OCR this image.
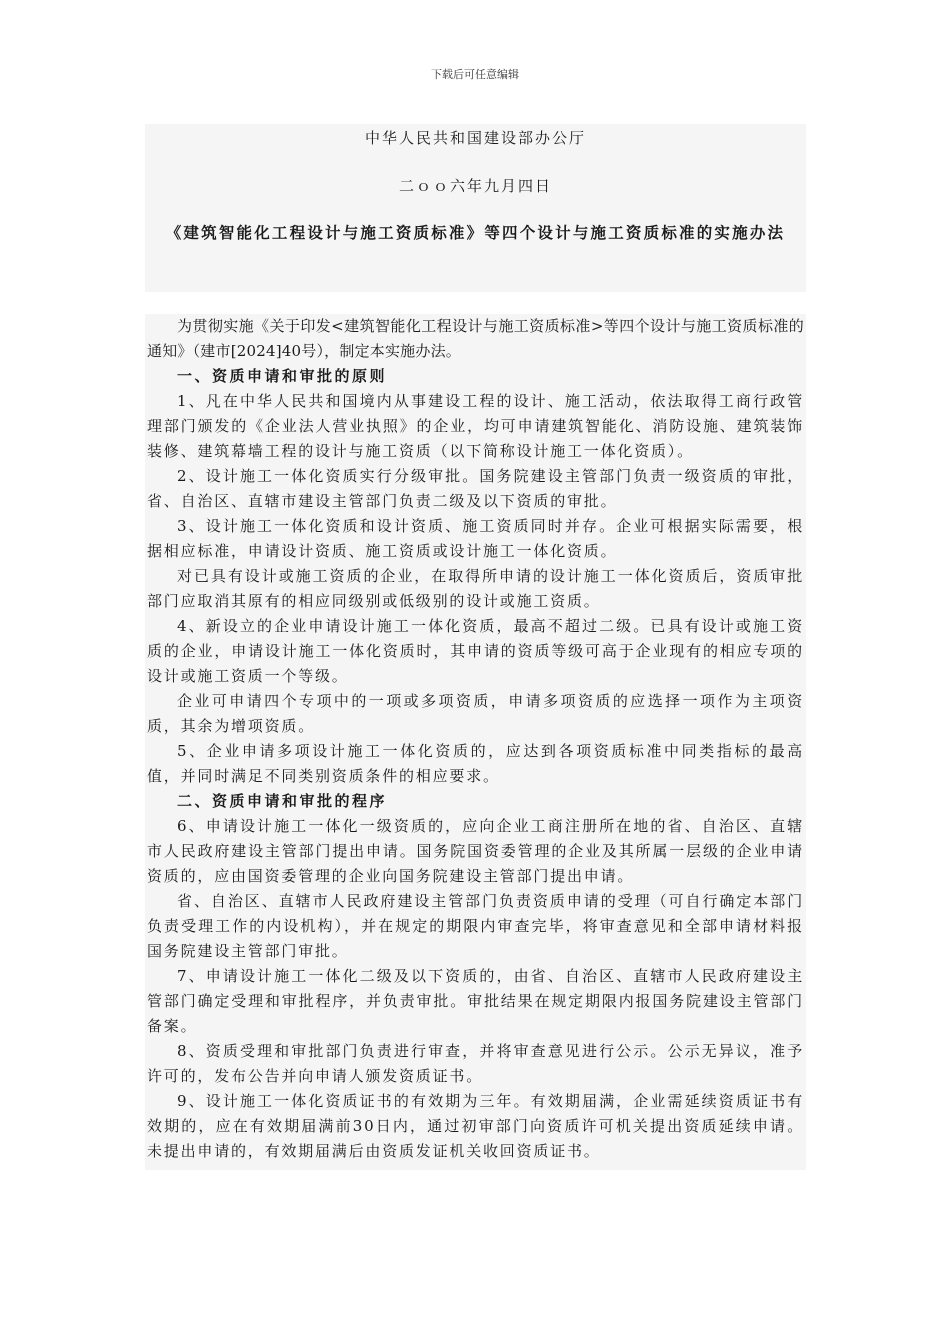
下载后可任意编辑
中华人民共和国建设部办公厅
二ｏｏ六年九月四日
《建筑智能化工程设计与施工资质标准》等四个设计与施工资质标准的实施办法

为贯彻实施《关于印发<建筑智能化工程设计与施工资质标准>等四个设计与施工资质标准的通知》（建市[2024]40号），制定本实施办法。

一、资质申请和审批的原则

1、凡在中华人民共和国境内从事建设工程的设计、施工活动，依法取得工商行政管理部门颁发的《企业法人营业执照》的企业，均可申请建筑智能化、消防设施、建筑装饰装修、建筑幕墙工程的设计与施工资质（以下简称设计施工一体化资质）。

2、设计施工一体化资质实行分级审批。国务院建设主管部门负责一级资质的审批，省、自治区、直辖市建设主管部门负责二级及以下资质的审批。

3、设计施工一体化资质和设计资质、施工资质同时并存。企业可根据实际需要，根据相应标准，申请设计资质、施工资质或设计施工一体化资质。

对已具有设计或施工资质的企业，在取得所申请的设计施工一体化资质后，资质审批部门应取消其原有的相应同级别或低级别的设计或施工资质。

4、新设立的企业申请设计施工一体化资质，最高不超过二级。已具有设计或施工资质的企业，申请设计施工一体化资质时，其申请的资质等级可高于企业现有的相应专项的设计或施工资质一个等级。

企业可申请四个专项中的一项或多项资质，申请多项资质的应选择一项作为主项资质，其余为增项资质。

5、企业申请多项设计施工一体化资质的，应达到各项资质标准中同类指标的最高值，并同时满足不同类别资质条件的相应要求。

二、资质申请和审批的程序

6、申请设计施工一体化一级资质的，应向企业工商注册所在地的省、自治区、直辖市人民政府建设主管部门提出申请。国务院国资委管理的企业及其所属一层级的企业申请资质的，应由国资委管理的企业向国务院建设主管部门提出申请。

省、自治区、直辖市人民政府建设主管部门负责资质申请的受理（可自行确定本部门负责受理工作的内设机构），并在规定的期限内审查完毕，将审查意见和全部申请材料报国务院建设主管部门审批。

7、申请设计施工一体化二级及以下资质的，由省、自治区、直辖市人民政府建设主管部门确定受理和审批程序，并负责审批。审批结果在规定期限内报国务院建设主管部门备案。

8、资质受理和审批部门负责进行审查，并将审查意见进行公示。公示无异议，准予许可的，发布公告并向申请人颁发资质证书。

9、设计施工一体化资质证书的有效期为三年。有效期届满，企业需延续资质证书有效期的，应在有效期届满前30日内，通过初审部门向资质许可机关提出资质延续申请。未提出申请的，有效期届满后由资质发证机关收回资质证书。
